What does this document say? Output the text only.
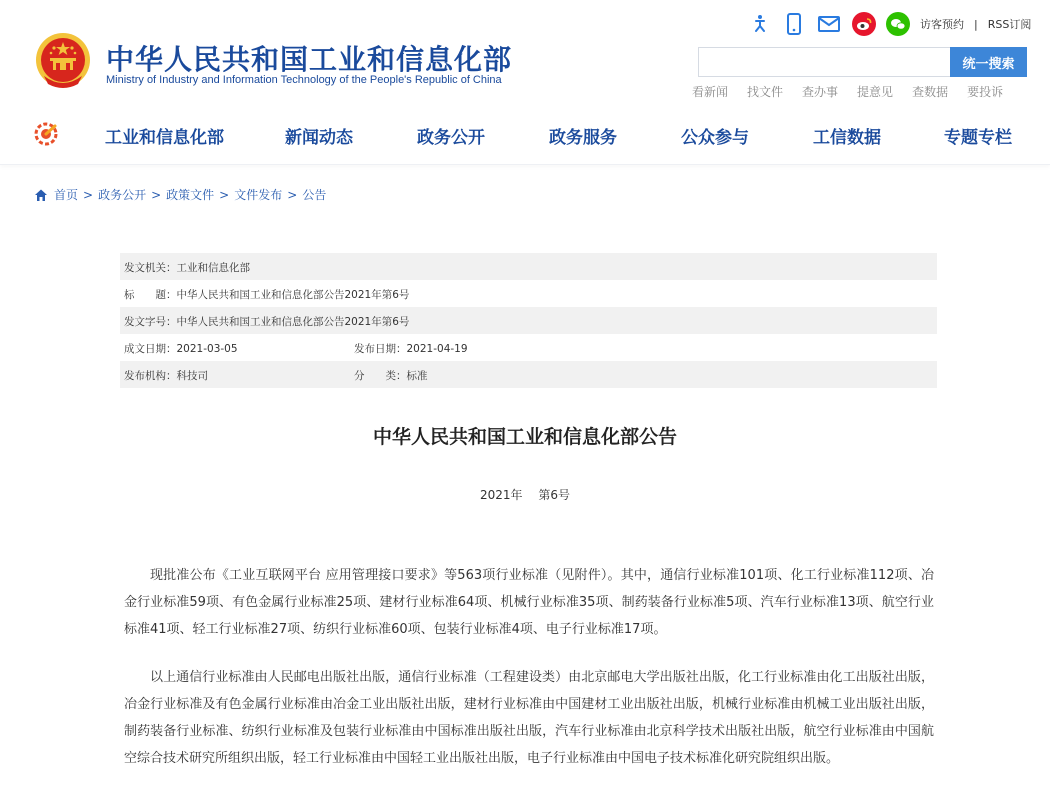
中华人民共和国工业和信息化部
Ministry of Industry and Information Technology of the People's Republic of China
访客预约 | RSS订阅
统一搜索
看新闻 找文件 查办事 提意见 查数据 要投诉
工业和信息化部	新闻动态	政务公开	政务服务	公众参与	工信数据	专题专栏
首页 > 政务公开 > 政策文件 > 文件发布 > 公告
发文机关：工业和信息化部
标　　题：中华人民共和国工业和信息化部公告2021年第6号
发文字号：中华人民共和国工业和信息化部公告2021年第6号
成文日期：2021-03-05	发布日期：2021-04-19
发布机构：科技司	分　　类：标准
中华人民共和国工业和信息化部公告
2021年　 第6号

现批准公布《工业互联网平台 应用管理接口要求》等563项行业标准（见附件）。其中，通信行业标准101项、化工行业标准112项、冶金行业标准59项、有色金属行业标准25项、建材行业标准64项、机械行业标准35项、制药装备行业标准5项、汽车行业标准13项、航空行业标准41项、轻工行业标准27项、纺织行业标准60项、包装行业标准4项、电子行业标准17项。

以上通信行业标准由人民邮电出版社出版，通信行业标准（工程建设类）由北京邮电大学出版社出版，化工行业标准由化工出版社出版，冶金行业标准及有色金属行业标准由冶金工业出版社出版，建材行业标准由中国建材工业出版社出版，机械行业标准由机械工业出版社出版，制药装备行业标准、纺织行业标准及包装行业标准由中国标准出版社出版，汽车行业标准由北京科学技术出版社出版，航空行业标准由中国航空综合技术研究所组织出版，轻工行业标准由中国轻工业出版社出版，电子行业标准由中国电子技术标准化研究院组织出版。
